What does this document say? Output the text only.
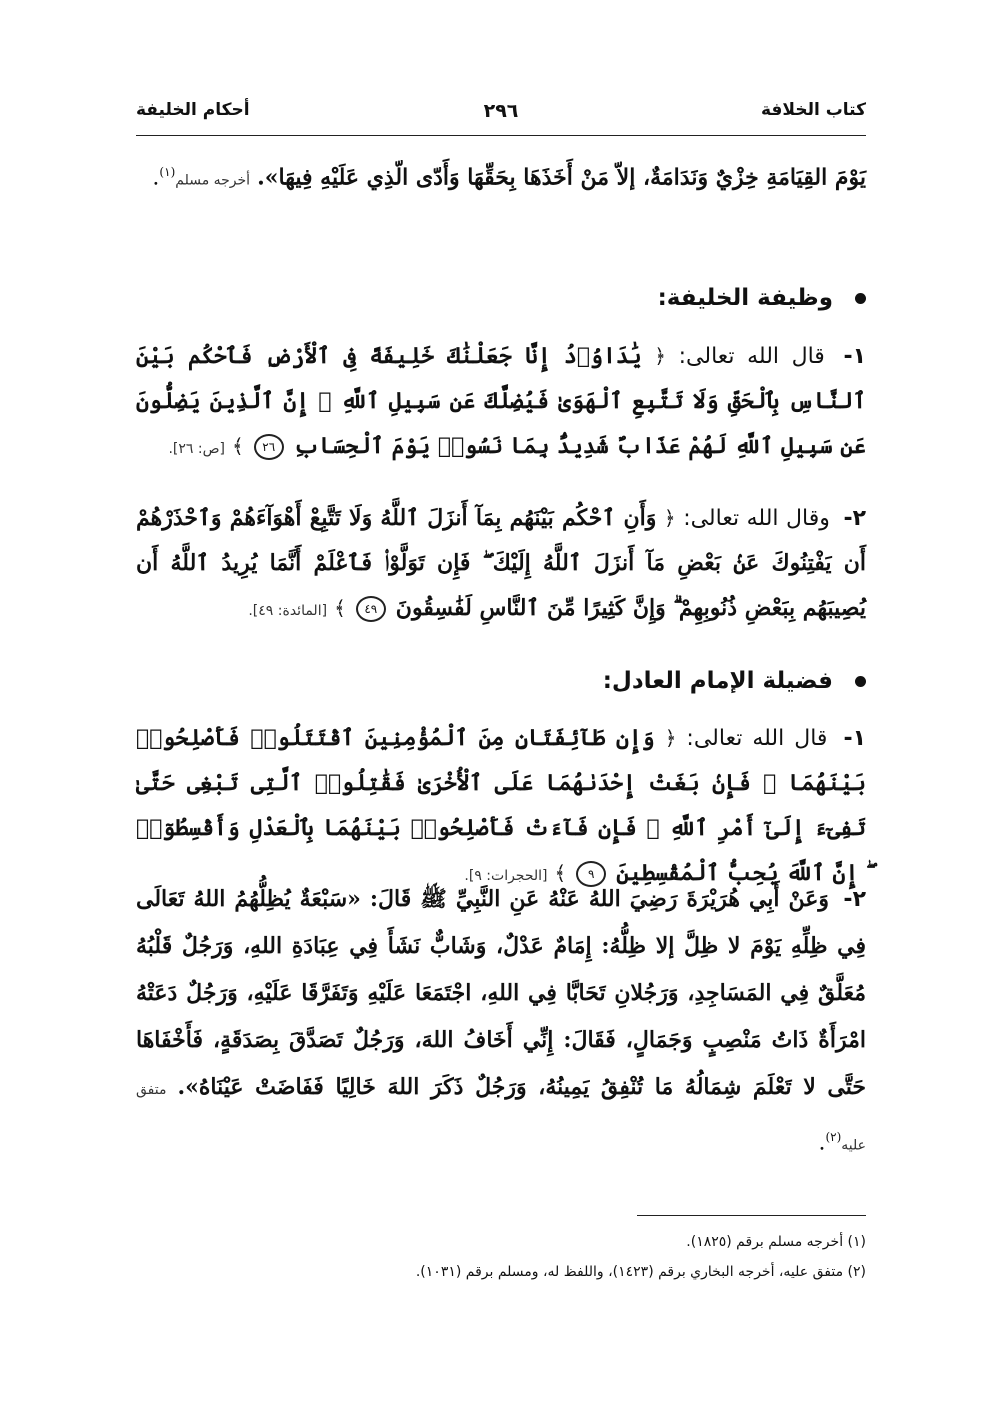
كتاب الخلافة
٢٩٦
أحكام الخليفة
يَوْمَ القِيَامَةِ خِزْيٌ وَنَدَامَةٌ، إلاّ مَنْ أَخَذَهَا بِحَقِّهَا وَأَدّى الّذِي عَلَيْهِ فِيهَا». أخرجه مسلم$^{(١)}$.
وظيفة الخليفة:
١- قال الله تعالى: ﴿ يَٰدَاوُۥدُ إِنَّا جَعَلْنَٰكَ خَلِيفَةً فِى ٱلْأَرْضِ فَٱحْكُم بَيْنَ ٱلنَّاسِ بِٱلْحَقِّ وَلَا تَتَّبِعِ ٱلْهَوَىٰ فَيُضِلَّكَ عَن سَبِيلِ ٱللَّهِ ۚ إِنَّ ٱلَّذِينَ يَضِلُّونَ عَن سَبِيلِ ٱللَّهِ لَهُمْ عَذَابٌ شَدِيدٌۢ بِمَا نَسُوا۟ يَوْمَ ٱلْحِسَابِ ٢٦ ﴾ [ص: ٢٦].
٢- وقال الله تعالى: ﴿ وَأَنِ ٱحْكُم بَيْنَهُم بِمَآ أَنزَلَ ٱللَّهُ وَلَا تَتَّبِعْ أَهْوَآءَهُمْ وَٱحْذَرْهُمْ أَن يَفْتِنُوكَ عَنۢ بَعْضِ مَآ أَنزَلَ ٱللَّهُ إِلَيْكَ ۖ فَإِن تَوَلَّوْا۟ فَٱعْلَمْ أَنَّمَا يُرِيدُ ٱللَّهُ أَن يُصِيبَهُم بِبَعْضِ ذُنُوبِهِمْ ۗ وَإِنَّ كَثِيرًا مِّنَ ٱلنَّاسِ لَفَٰسِقُونَ ٤٩ ﴾ [المائدة: ٤٩].
فضيلة الإمام العادل:
١- قال الله تعالى: ﴿ وَإِن طَآئِفَتَانِ مِنَ ٱلْمُؤْمِنِينَ ٱقْتَتَلُوا۟ فَأَصْلِحُوا۟ بَيْنَهُمَا ۖ فَإِنۢ بَغَتْ إِحْدَىٰهُمَا عَلَى ٱلْأُخْرَىٰ فَقَٰتِلُوا۟ ٱلَّتِى تَبْغِى حَتَّىٰ تَفِىٓءَ إِلَىٰٓ أَمْرِ ٱللَّهِ ۚ فَإِن فَآءَتْ فَأَصْلِحُوا۟ بَيْنَهُمَا بِٱلْعَدْلِ وَأَقْسِطُوٓا۟ ۖ إِنَّ ٱللَّهَ يُحِبُّ ٱلْمُقْسِطِينَ ٩ ﴾ [الحجرات: ٩].
٢- وَعَنْ أَبِي هُرَيْرَةَ رَضِيَ اللهُ عَنْهُ عَنِ النَّبِيِّ ﷺ قَالَ: «سَبْعَةٌ يُظِلُّهُمُ اللهُ تَعَالَى فِي ظِلِّهِ يَوْمَ لا ظِلَّ إلا ظِلُّهُ: إِمَامٌ عَدْلٌ، وَشَابٌّ نَشَأَ فِي عِبَادَةِ اللهِ، وَرَجُلٌ قَلْبُهُ مُعَلَّقٌ فِي المَسَاجِدِ، وَرَجُلانِ تَحَابَّا فِي اللهِ، اجْتَمَعَا عَلَيْهِ وَتَفَرَّقَا عَلَيْهِ، وَرَجُلٌ دَعَتْهُ امْرَأَةٌ ذَاتُ مَنْصِبٍ وَجَمَالٍ، فَقَالَ: إِنِّي أَخَافُ اللهَ، وَرَجُلٌ تَصَدَّقَ بِصَدَقَةٍ، فَأَخْفَاهَا حَتَّى لا تَعْلَمَ شِمَالُهُ مَا تُنْفِقُ يَمِينُهُ، وَرَجُلٌ ذَكَرَ اللهَ خَالِيًا فَفَاضَتْ عَيْنَاهُ». متفق عليه$^{(٢)}$.
(١) أخرجه مسلم برقم (١٨٢٥).
(٢) متفق عليه، أخرجه البخاري برقم (١٤٢٣)، واللفظ له، ومسلم برقم (١٠٣١).
